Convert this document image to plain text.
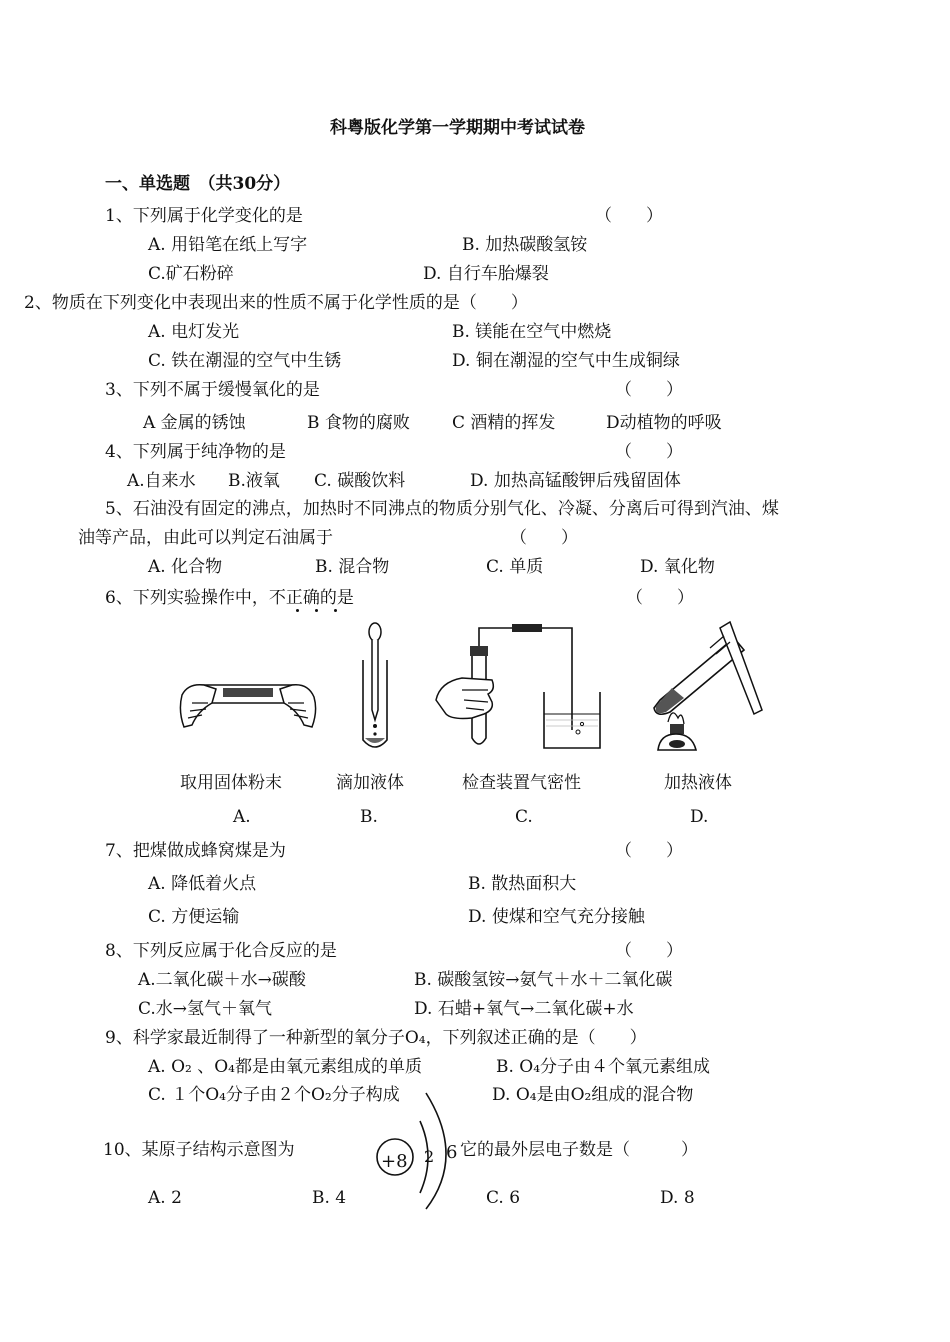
科粤版化学第一学期期中考试试卷
一、单选题　（共30分）
1、下列属于化学变化的是	（　　）
A. 用铅笔在纸上写字	B. 加热碳酸氢铵
C.矿石粉碎	D. 自行车胎爆裂
2、物质在下列变化中表现出来的性质不属于化学性质的是（　　）
A. 电灯发光	B. 镁能在空气中燃烧
C. 铁在潮湿的空气中生锈	D. 铜在潮湿的空气中生成铜绿
3、下列不属于缓慢氧化的是	（　　）
A 金属的锈蚀	B 食物的腐败 C 酒精的挥发	D动植物的呼吸
4、下列属于纯净物的是	（　　）
A.自来水 B.液氧 C. 碳酸饮料	D. 加热高锰酸钾后残留固体
5、石油没有固定的沸点，加热时不同沸点的物质分别气化、冷凝、分离后可得到汽油、煤
油等产品，由此可以判定石油属于	（　　）
A. 化合物	B. 混合物	C. 单质	D. 氧化物
6、下列实验操作中，不正确的是	（　　）
取用固体粉末	滴加液体	检查装置气密性	加热液体
A.	B.	C.	D.
7、把煤做成蜂窝煤是为	（　　）
A. 降低着火点	B. 散热面积大
C. 方便运输	D. 使煤和空气充分接触
8、下列反应属于化合反应的是	（　　）
A.二氧化碳＋水→碳酸	B. 碳酸氢铵→氨气＋水＋二氧化碳
C.水→氢气＋氧气	D. 石蜡+氧气→二氧化碳+水
9、科学家最近制得了一种新型的氧分子O₄，下列叙述正确的是（　　）
A. O₂ 、O₄都是由氧元素组成的单质	B. O₄分子由４个氧元素组成
C. １个O₄分子由２个O₂分子构成	D. O₄是由O₂组成的混合物
10、某原子结构示意图为
+8 2 6 它的最外层电子数是（　　　）
A. 2	B. 4	C. 6	D. 8
